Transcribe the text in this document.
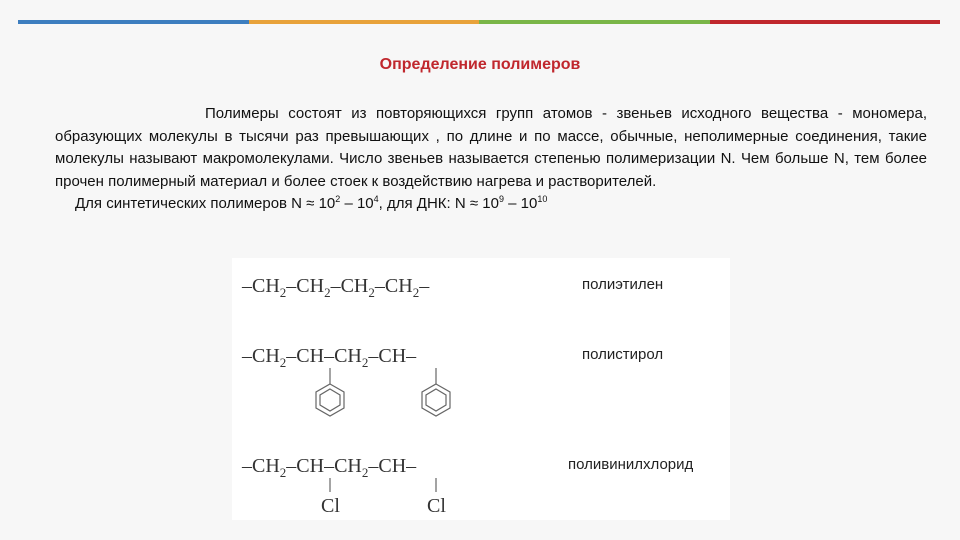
Определение полимеров

Полимеры состоят из повторяющихся групп атомов - звеньев исходного вещества - мономера, образующих молекулы в тысячи раз превышающих , по длине и по массе, обычные, неполимерные соединения, такие молекулы называют макромолекулами. Число звеньев называется степенью полимеризации N. Чем больше N, тем более прочен полимерный материал и более стоек к воздействию нагрева и растворителей.

Для синтетических полимеров $N \approx 10^2 - 10^4$, для ДНК: $N \approx 10^9 - 10^{10}$

$-CH_2-CH_2-CH_2-CH_2-$
$-CH_2-CH-CH_2-CH-$
$-CH_2-CH-CH_2-CH-$
Cl	Cl
полиэтилен
полистирол
поливинилхлорид
